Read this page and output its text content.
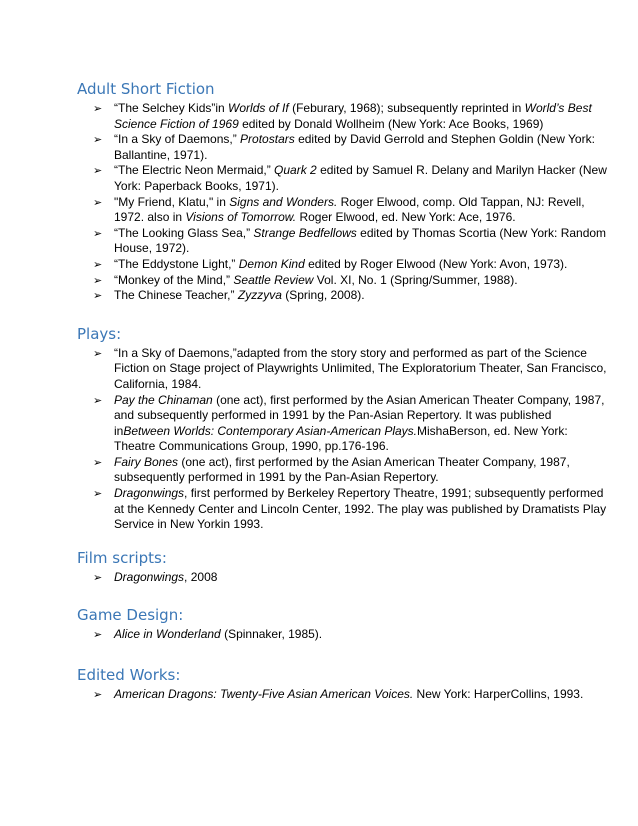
Adult Short Fiction
➢ “The Selchey Kids”in Worlds of If (Feburary, 1968); subsequently reprinted in World’s Best Science Fiction of 1969 edited by Donald Wollheim (New York: Ace Books, 1969)
➢ “In a Sky of Daemons,” Protostars edited by David Gerrold and Stephen Goldin (New York: Ballantine, 1971).
➢ “The Electric Neon Mermaid,” Quark 2 edited by Samuel R. Delany and Marilyn Hacker (New York: Paperback Books, 1971).
➢ "My Friend, Klatu," in Signs and Wonders. Roger Elwood, comp. Old Tappan, NJ: Revell, 1972. also in Visions of Tomorrow. Roger Elwood, ed. New York: Ace, 1976.
➢ “The Looking Glass Sea,” Strange Bedfellows edited by Thomas Scortia (New York: Random House, 1972).
➢ “The Eddystone Light,” Demon Kind edited by Roger Elwood (New York: Avon, 1973).
➢ “Monkey of the Mind,” Seattle Review Vol. XI, No. 1 (Spring/Summer, 1988).
➢ The Chinese Teacher,” Zyzzyva (Spring, 2008).
Plays:
➢ “In a Sky of Daemons,”adapted from the story story and performed as part of the Science Fiction on Stage project of Playwrights Unlimited, The Exploratorium Theater, San Francisco, California, 1984.
➢ Pay the Chinaman (one act), first performed by the Asian American Theater Company, 1987, and subsequently performed in 1991 by the Pan-Asian Repertory. It was published inBetween Worlds: Contemporary Asian-American Plays.MishaBerson, ed. New York: Theatre Communications Group, 1990, pp.176-196.
➢ Fairy Bones (one act), first performed by the Asian American Theater Company, 1987, subsequently performed in 1991 by the Pan-Asian Repertory.
➢ Dragonwings, first performed by Berkeley Repertory Theatre, 1991; subsequently performed at the Kennedy Center and Lincoln Center, 1992. The play was published by Dramatists Play Service in New Yorkin 1993.
Film scripts:
➢ Dragonwings, 2008
Game Design:
➢ Alice in Wonderland (Spinnaker, 1985).
Edited Works:
➢ American Dragons: Twenty-Five Asian American Voices. New York: HarperCollins, 1993.
